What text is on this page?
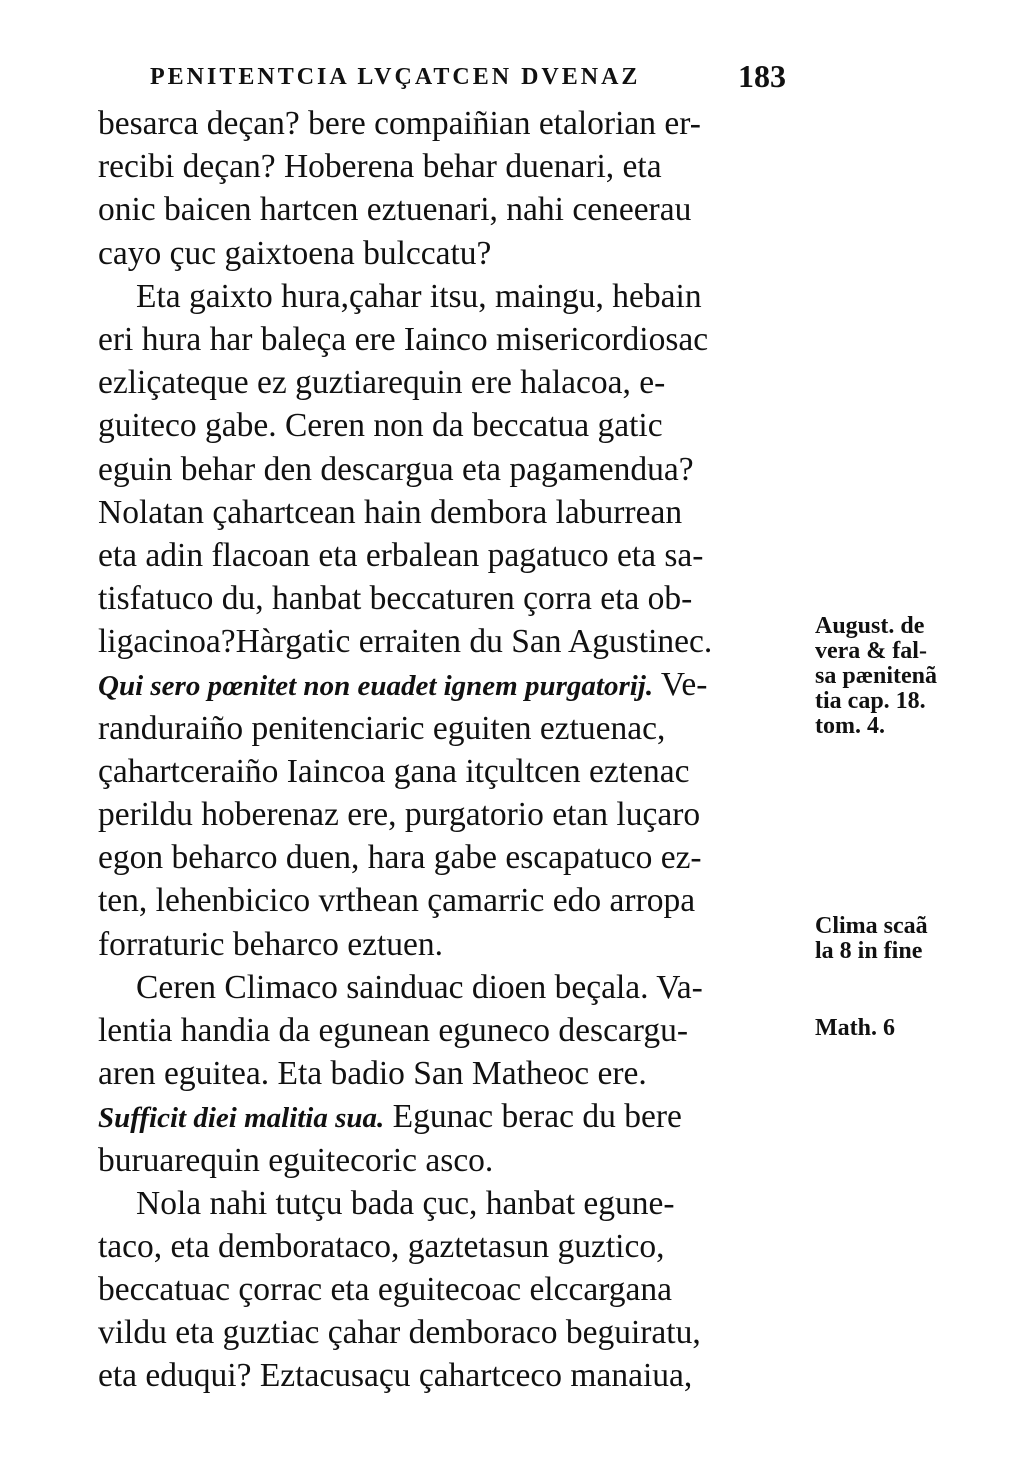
PENITENTCIA LVÇATCEN DVENAZ	183
besarca deçan? bere compaiñian etalorian er-
recibi deçan? Hoberena behar duenari, eta
onic baicen hartcen eztuenari, nahi ceneerau
cayo çuc gaixtoena bulccatu?
Eta gaixto hura,çahar itsu, maingu, hebain
eri hura har baleça ere Iainco misericordiosac
ezliçateque ez guztiarequin ere halacoa, e-
guiteco gabe. Ceren non da beccatua gatic
eguin behar den descargua eta pagamendua?
Nolatan çahartcean hain dembora laburrean
eta adin flacoan eta erbalean pagatuco eta sa-
tisfatuco du, hanbat beccaturen çorra eta ob-
ligacinoa?Hàrgatic erraiten du San Agustinec.
Qui sero pœnitet non euadet ignem purgatorij. Ve-
randuraiño penitenciaric eguiten eztuenac,
çahartceraiño Iaincoa gana itçultcen eztenac
perildu hoberenaz ere, purgatorio etan luçaro
egon beharco duen, hara gabe escapatuco ez-
ten, lehenbicico vrthean çamarric edo arropa
forraturic beharco eztuen.
Ceren Climaco sainduac dioen beçala. Va-
lentia handia da egunean eguneco descargu-
aren eguitea. Eta badio San Matheoc ere.
Sufficit diei malitia sua. Egunac berac du bere
buruarequin eguitecoric asco.
Nola nahi tutçu bada çuc, hanbat egune-
taco, eta demborataco, gaztetasun guztico,
beccatuac çorrac eta eguitecoac elccargana
vildu eta guztiac çahar demboraco beguiratu,
eta eduqui? Eztacusaçu çahartceco manaiua,
August. de
vera & fal-
sa pænitenã
tia cap. 18.
tom. 4.
Clima scaã
la 8 in fine
Math. 6
